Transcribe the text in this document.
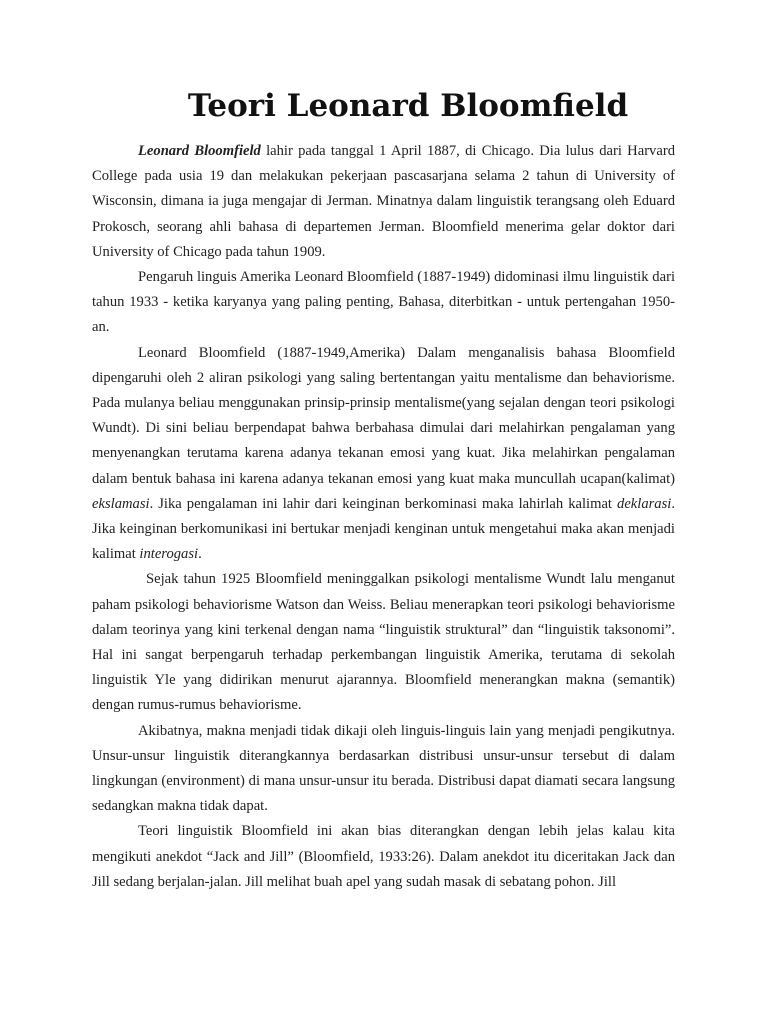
Teori Leonard Bloomfield

Leonard Bloomfield lahir pada tanggal 1 April 1887, di Chicago. Dia lulus dari Harvard College pada usia 19 dan melakukan pekerjaan pascasarjana selama 2 tahun di University of Wisconsin, dimana ia juga mengajar di Jerman. Minatnya dalam linguistik terangsang oleh Eduard Prokosch, seorang ahli bahasa di departemen Jerman. Bloomfield menerima gelar doktor dari University of Chicago pada tahun 1909.

Pengaruh linguis Amerika Leonard Bloomfield (1887-1949) didominasi ilmu linguistik dari tahun 1933 - ketika karyanya yang paling penting, Bahasa, diterbitkan - untuk pertengahan 1950-an.

Leonard Bloomfield (1887-1949,Amerika) Dalam menganalisis bahasa Bloomfield dipengaruhi oleh 2 aliran psikologi yang saling bertentangan yaitu mentalisme dan behaviorisme. Pada mulanya beliau menggunakan prinsip-prinsip mentalisme(yang sejalan dengan teori psikologi Wundt). Di sini beliau berpendapat bahwa berbahasa dimulai dari melahirkan pengalaman yang menyenangkan terutama karena adanya tekanan emosi yang kuat. Jika melahirkan pengalaman dalam bentuk bahasa ini karena adanya tekanan emosi yang kuat maka muncullah ucapan(kalimat) ekslamasi. Jika pengalaman ini lahir dari keinginan berkominasi maka lahirlah kalimat deklarasi. Jika keinginan berkomunikasi ini bertukar menjadi kenginan untuk mengetahui maka akan menjadi kalimat interogasi.

Sejak tahun 1925 Bloomfield meninggalkan psikologi mentalisme Wundt lalu menganut paham psikologi behaviorisme Watson dan Weiss. Beliau menerapkan teori psikologi behaviorisme dalam teorinya yang kini terkenal dengan nama “linguistik struktural” dan “linguistik taksonomi”. Hal ini sangat berpengaruh terhadap perkembangan linguistik Amerika, terutama di sekolah linguistik Yle yang didirikan menurut ajarannya. Bloomfield menerangkan makna (semantik) dengan rumus-rumus behaviorisme.

Akibatnya, makna menjadi tidak dikaji oleh linguis-linguis lain yang menjadi pengikutnya. Unsur-unsur linguistik diterangkannya berdasarkan distribusi unsur-unsur tersebut di dalam lingkungan (environment) di mana unsur-unsur itu berada. Distribusi dapat diamati secara langsung sedangkan makna tidak dapat.

Teori linguistik Bloomfield ini akan bias diterangkan dengan lebih jelas kalau kita mengikuti anekdot “Jack and Jill” (Bloomfield, 1933:26). Dalam anekdot itu diceritakan Jack dan Jill sedang berjalan-jalan. Jill melihat buah apel yang sudah masak di sebatang pohon. Jill
